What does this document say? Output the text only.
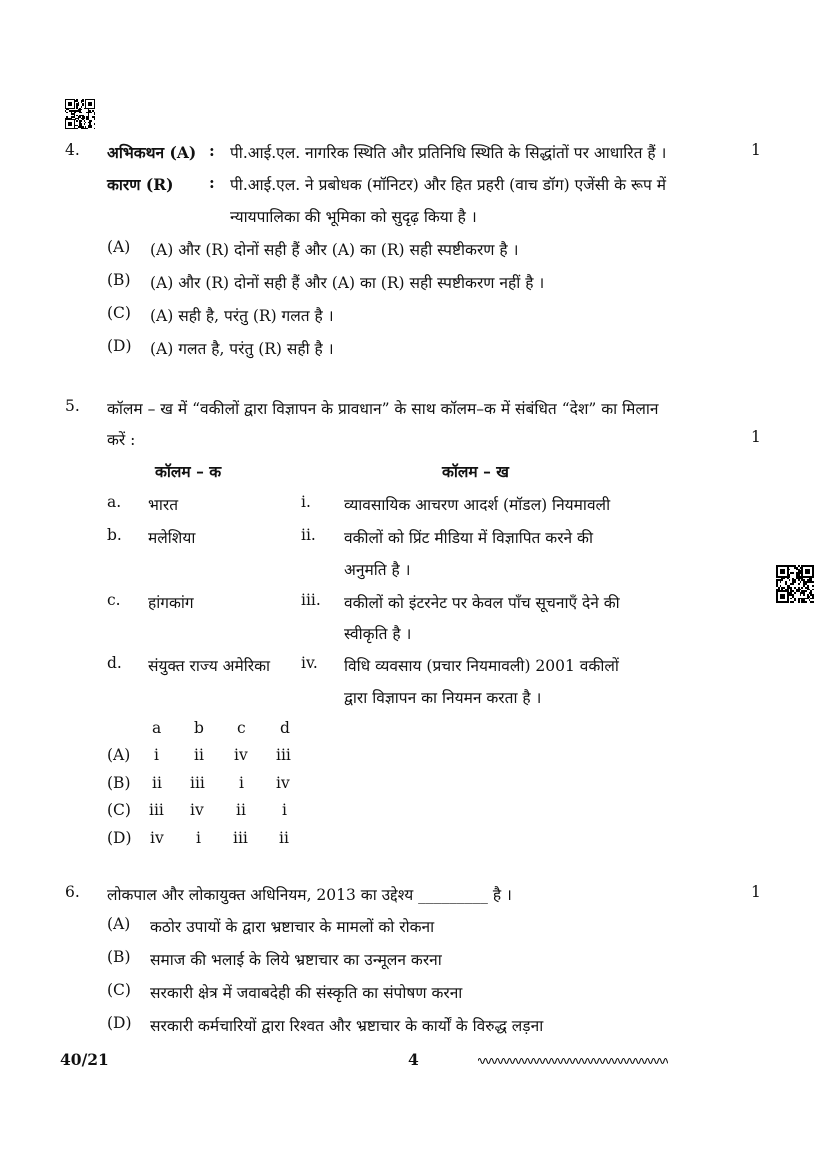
4. अभिकथन (A) : पी.आई.एल. नागरिक स्थिति और प्रतिनिधि स्थिति के सिद्धांतों पर आधारित हैं ।	1
कारण (R) : पी.आई.एल. ने प्रबोधक (मॉनिटर) और हित प्रहरी (वाच डॉग) एजेंसी के रूप में
न्यायपालिका की भूमिका को सुदृढ़ किया है ।
(A) (A) और (R) दोनों सही हैं और (A) का (R) सही स्पष्टीकरण है ।
(B) (A) और (R) दोनों सही हैं और (A) का (R) सही स्पष्टीकरण नहीं है ।
(C) (A) सही है, परंतु (R) गलत है ।
(D) (A) गलत है, परंतु (R) सही है ।
5. कॉलम – ख में “वकीलों द्वारा विज्ञापन के प्रावधान” के साथ कॉलम–क में संबंधित “देश” का मिलान
करें :	1
कॉलम – क	कॉलम – ख
a. भारत	i. व्यावसायिक आचरण आदर्श (मॉडल) नियमावली
b. मलेशिया	ii. वकीलों को प्रिंट मीडिया में विज्ञापित करने की
अनुमति है ।
c. हांगकांग	iii. वकीलों को इंटरनेट पर केवल पाँच सूचनाएँ देने की
स्वीकृति है ।
d. संयुक्त राज्य अमेरिका iv. विधि व्यवसाय (प्रचार नियमावली) 2001 वकीलों
द्वारा विज्ञापन का नियमन करता है ।
a b c d
(A) i ii iv iii
(B) ii iii i iv
(C) iii iv ii i
(D) iv i iii ii
6. लोकपाल और लोकायुक्त अधिनियम, 2013 का उद्देश्य _________ है ।	1
(A) कठोर उपायों के द्वारा भ्रष्टाचार के मामलों को रोकना
(B) समाज की भलाई के लिये भ्रष्टाचार का उन्मूलन करना
(C) सरकारी क्षेत्र में जवाबदेही की संस्कृति का संपोषण करना
(D) सरकारी कर्मचारियों द्वारा रिश्वत और भ्रष्टाचार के कार्यों के विरुद्ध लड़ना
40/21	4
